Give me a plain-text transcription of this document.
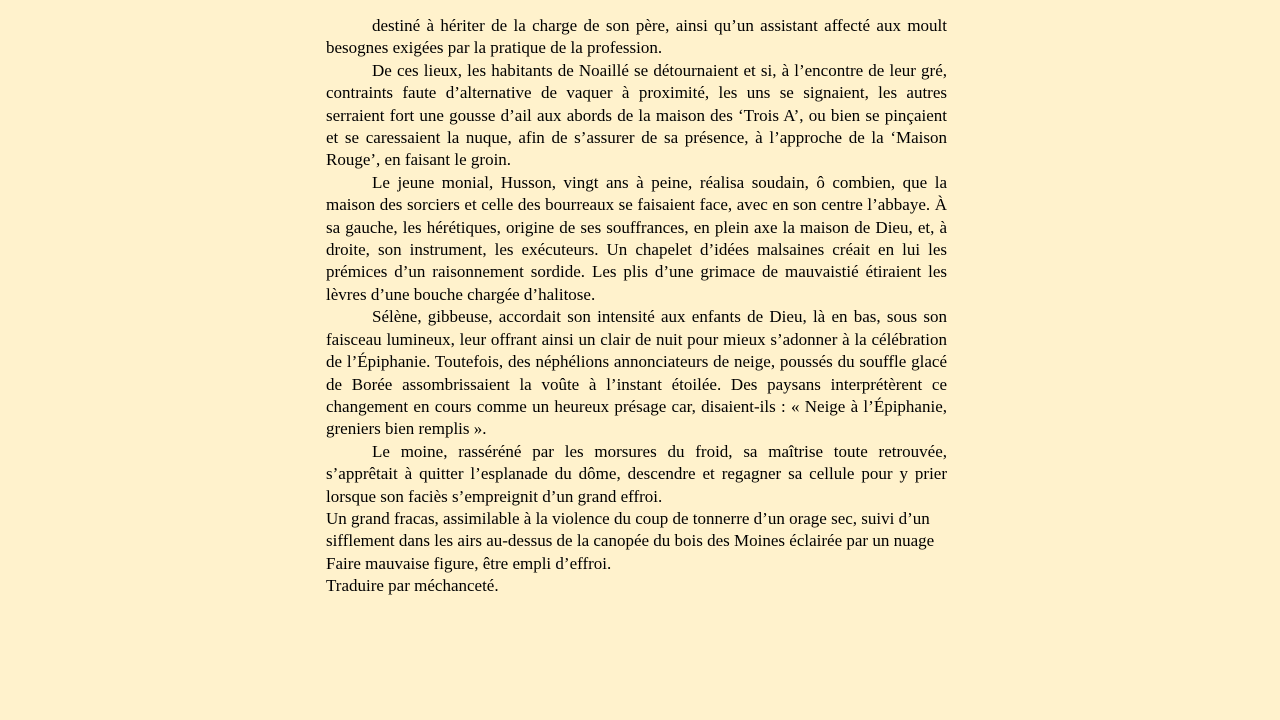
destiné à hériter de la charge de son père, ainsi qu’un assistant affecté aux moult besognes exigées par la pratique de la profession.

De ces lieux, les habitants de Noaillé se détournaient et si, à l’encontre de leur gré, contraints faute d’alternative de vaquer à proximité, les uns se signaient, les autres serraient fort une gousse d’ail aux abords de la maison des ‘Trois A’, ou bien se pinçaient et se caressaient la nuque, afin de s’assurer de sa présence, à l’approche de la ‘Maison Rouge’, en faisant le groin.

Le jeune monial, Husson, vingt ans à peine, réalisa soudain, ô combien, que la maison des sorciers et celle des bourreaux se faisaient face, avec en son centre l’abbaye. À sa gauche, les hérétiques, origine de ses souffrances, en plein axe la maison de Dieu, et, à droite, son instrument, les exécuteurs. Un chapelet d’idées malsaines créait en lui les prémices d’un raisonnement sordide. Les plis d’une grimace de mauvaistié étiraient les lèvres d’une bouche chargée d’halitose.

Sélène, gibbeuse, accordait son intensité aux enfants de Dieu, là en bas, sous son faisceau lumineux, leur offrant ainsi un clair de nuit pour mieux s’adonner à la célébration de l’Épiphanie. Toutefois, des néphélions annonciateurs de neige, poussés du souffle glacé de Borée assombrissaient la voûte à l’instant étoilée. Des paysans interprétèrent ce changement en cours comme un heureux présage car, disaient-ils : « Neige à l’Épiphanie, greniers bien remplis ».

Le moine, rasséréné par les morsures du froid, sa maîtrise toute retrouvée, s’apprêtait à quitter l’esplanade du dôme, descendre et regagner sa cellule pour y prier lorsque son faciès s’empreignit d’un grand effroi.

Un grand fracas, assimilable à la violence du coup de tonnerre d’un orage sec, suivi d’un sifflement dans les airs au-dessus de la canopée du bois des Moines éclairée par un nuage Faire mauvaise figure, être empli d’effroi.

Traduire par méchanceté.
